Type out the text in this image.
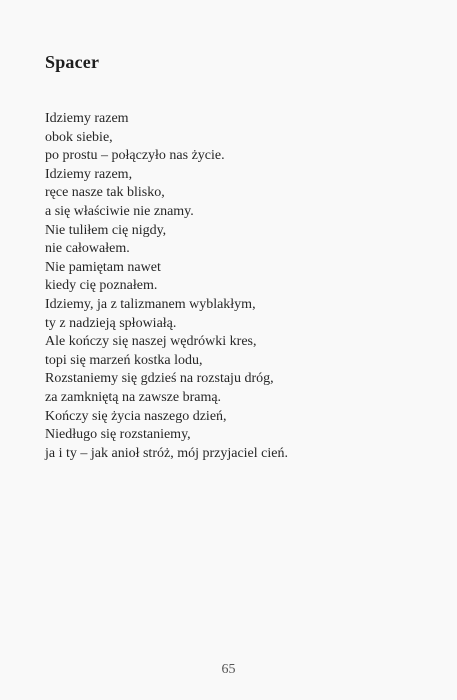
Spacer
Idziemy razem
obok siebie,
po prostu – połączyło nas życie.
Idziemy razem,
ręce nasze tak blisko,
a się właściwie nie znamy.
Nie tuliłem cię nigdy,
nie całowałem.
Nie pamiętam nawet
kiedy cię poznałem.
Idziemy, ja z talizmanem wyblakłym,
ty z nadzieją spłowiałą.
Ale kończy się naszej wędrówki kres,
topi się marzeń kostka lodu,
Rozstaniemy się gdzieś na rozstaju dróg,
za zamkniętą na zawsze bramą.
Kończy się życia naszego dzień,
Niedługo się rozstaniemy,
ja i ty – jak anioł stróż, mój przyjaciel cień.
65
